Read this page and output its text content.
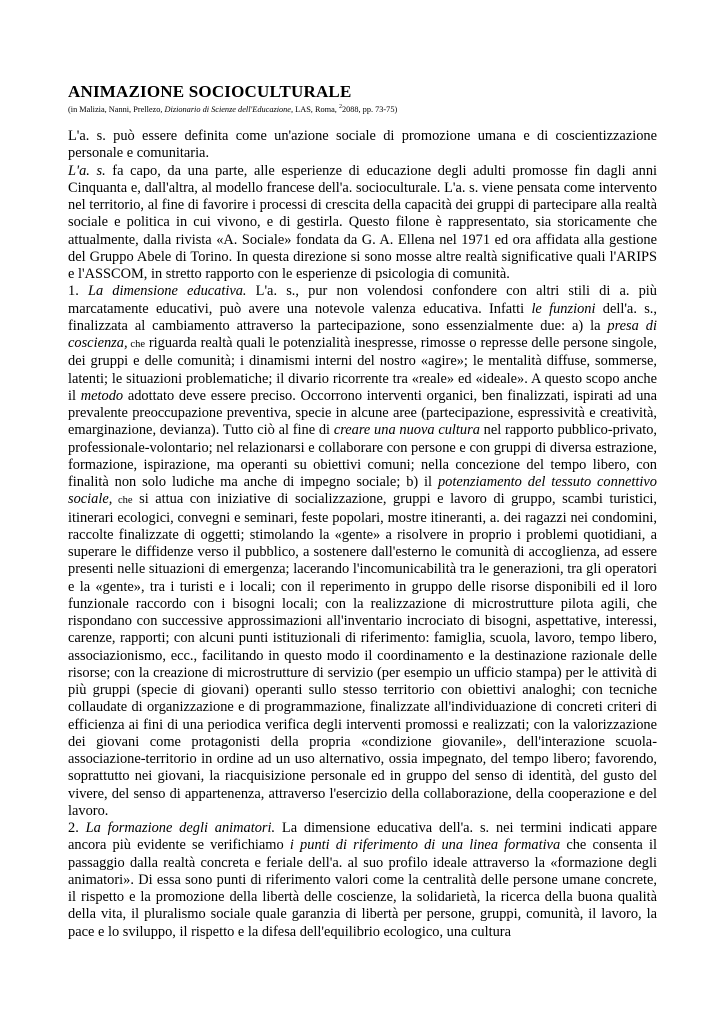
ANIMAZIONE SOCIOCULTURALE
(in Malizia, Nanni, Prellezo, Dizionario di Scienze dell'Educazione, LAS, Roma, $^2$2088, pp. 73-75)

L'a. s. può essere definita come un'azione sociale di promozione umana e di coscientizzazione personale e comunitaria.

L'a. s. fa capo, da una parte, alle esperienze di educazione degli adulti promosse fin dagli anni Cinquanta e, dall'altra, al modello francese dell'a. socioculturale. L'a. s. viene pensata come intervento nel territorio, al fine di favorire i processi di crescita della capacità dei gruppi di partecipare alla realtà sociale e politica in cui vivono, e di gestirla. Questo filone è rappresentato, sia storicamente che attualmente, dalla rivista «A. Sociale» fondata da G. A. Ellena nel 1971 ed ora affidata alla gestione del Gruppo Abele di Torino. In questa direzione si sono mosse altre realtà significative quali l'ARIPS e l'ASSCOM, in stretto rapporto con le esperienze di psicologia di comunità.

1. La dimensione educativa. L'a. s., pur non volendosi confondere con altri stili di a. più marcatamente educativi, può avere una notevole valenza educativa. Infatti le funzioni dell'a. s., finalizzata al cambiamento attraverso la partecipazione, sono essenzialmente due: a) la presa di coscienza, che riguarda realtà quali le potenzialità inespresse, rimosse o represse delle persone singole, dei gruppi e delle comunità; i dinamismi interni del nostro «agire»; le mentalità diffuse, sommerse, latenti; le situazioni problematiche; il divario ricorrente tra «reale» ed «ideale». A questo scopo anche il metodo adottato deve essere preciso. Occorrono interventi organici, ben finalizzati, ispirati ad una prevalente preoccupazione preventiva, specie in alcune aree (partecipazione, espressività e creatività, emarginazione, devianza). Tutto ciò al fine di creare una nuova cultura nel rapporto pubblico-privato, professionale-volontario; nel relazionarsi e collaborare con persone e con gruppi di diversa estrazione, formazione, ispirazione, ma operanti su obiettivi comuni; nella concezione del tempo libero, con finalità non solo ludiche ma anche di impegno sociale; b) il potenziamento del tessuto connettivo sociale, che si attua con iniziative di socializzazione, gruppi e lavoro di gruppo, scambi turistici, itinerari ecologici, convegni e seminari, feste popolari, mostre itineranti, a. dei ragazzi nei condomini, raccolte finalizzate di oggetti; stimolando la «gente» a risolvere in proprio i problemi quotidiani, a superare le diffidenze verso il pubblico, a sostenere dall'esterno le comunità di accoglienza, ad essere presenti nelle situazioni di emergenza; lacerando l'incomunicabilità tra le generazioni, tra gli operatori e la «gente», tra i turisti e i locali; con il reperimento in gruppo delle risorse disponibili ed il loro funzionale raccordo con i bisogni locali; con la realizzazione di microstrutture pilota agili, che rispondano con successive approssimazioni all'inventario incrociato di bisogni, aspettative, interessi, carenze, rapporti; con alcuni punti istituzionali di riferimento: famiglia, scuola, lavoro, tempo libero, associazionismo, ecc., facilitando in questo modo il coordinamento e la destinazione razionale delle risorse; con la creazione di microstrutture di servizio (per esempio un ufficio stampa) per le attività di più gruppi (specie di giovani) operanti sullo stesso territorio con obiettivi analoghi; con tecniche collaudate di organizzazione e di programmazione, finalizzate all'individuazione di concreti criteri di efficienza ai fini di una periodica verifica degli interventi promossi e realizzati; con la valorizzazione dei giovani come protagonisti della propria «condizione giovanile», dell'interazione scuola-associazione-territorio in ordine ad un uso alternativo, ossia impegnato, del tempo libero; favorendo, soprattutto nei giovani, la riacquisizione personale ed in gruppo del senso di identità, del gusto del vivere, del senso di appartenenza, attraverso l'esercizio della collaborazione, della cooperazione e del lavoro.

2. La formazione degli animatori. La dimensione educativa dell'a. s. nei termini indicati appare ancora più evidente se verifichiamo i punti di riferimento di una linea formativa che consenta il passaggio dalla realtà concreta e feriale dell'a. al suo profilo ideale attraverso la «formazione degli animatori». Di essa sono punti di riferimento valori come la centralità delle persone umane concrete, il rispetto e la promozione della libertà delle coscienze, la solidarietà, la ricerca della buona qualità della vita, il pluralismo sociale quale garanzia di libertà per persone, gruppi, comunità, il lavoro, la pace e lo sviluppo, il rispetto e la difesa dell'equilibrio ecologico, una cultura
